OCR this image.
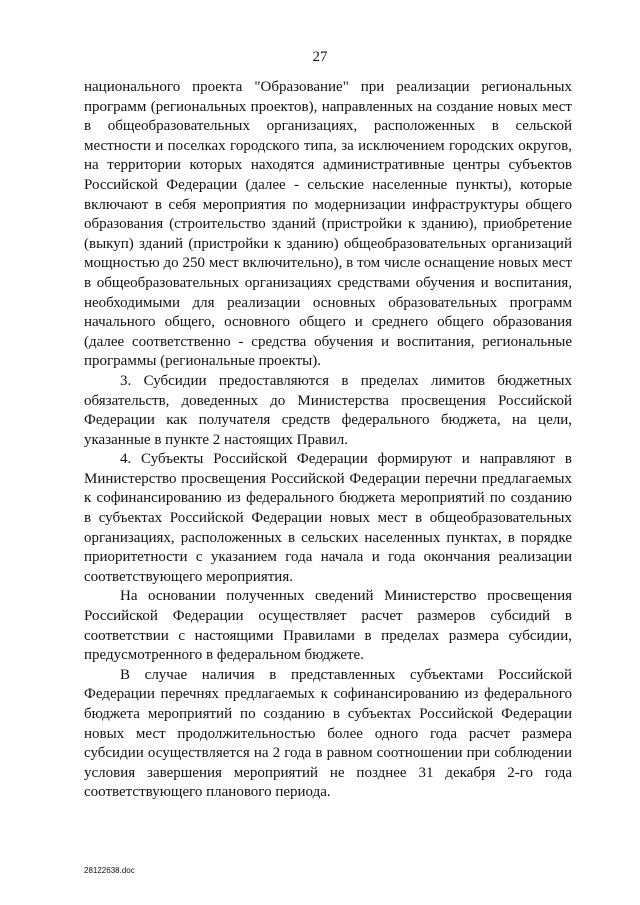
27

национального проекта "Образование" при реализации региональных программ (региональных проектов), направленных на создание новых мест в общеобразовательных организациях, расположенных в сельской местности и поселках городского типа, за исключением городских округов, на территории которых находятся административные центры субъектов Российской Федерации (далее - сельские населенные пункты), которые включают в себя мероприятия по модернизации инфраструктуры общего образования (строительство зданий (пристройки к зданию), приобретение (выкуп) зданий (пристройки к зданию) общеобразовательных организаций мощностью до 250 мест включительно), в том числе оснащение новых мест в общеобразовательных организациях средствами обучения и воспитания, необходимыми для реализации основных образовательных программ начального общего, основного общего и среднего общего образования (далее соответственно - средства обучения и воспитания, региональные программы (региональные проекты).

3. Субсидии предоставляются в пределах лимитов бюджетных обязательств, доведенных до Министерства просвещения Российской Федерации как получателя средств федерального бюджета, на цели, указанные в пункте 2 настоящих Правил.

4. Субъекты Российской Федерации формируют и направляют в Министерство просвещения Российской Федерации перечни предлагаемых к софинансированию из федерального бюджета мероприятий по созданию в субъектах Российской Федерации новых мест в общеобразовательных организациях, расположенных в сельских населенных пунктах, в порядке приоритетности с указанием года начала и года окончания реализации соответствующего мероприятия.

На основании полученных сведений Министерство просвещения Российской Федерации осуществляет расчет размеров субсидий в соответствии с настоящими Правилами в пределах размера субсидии, предусмотренного в федеральном бюджете.

В случае наличия в представленных субъектами Российской Федерации перечнях предлагаемых к софинансированию из федерального бюджета мероприятий по созданию в субъектах Российской Федерации новых мест продолжительностью более одного года расчет размера субсидии осуществляется на 2 года в равном соотношении при соблюдении условия завершения мероприятий не позднее 31 декабря 2-го года соответствующего планового периода.

28122638.doc
